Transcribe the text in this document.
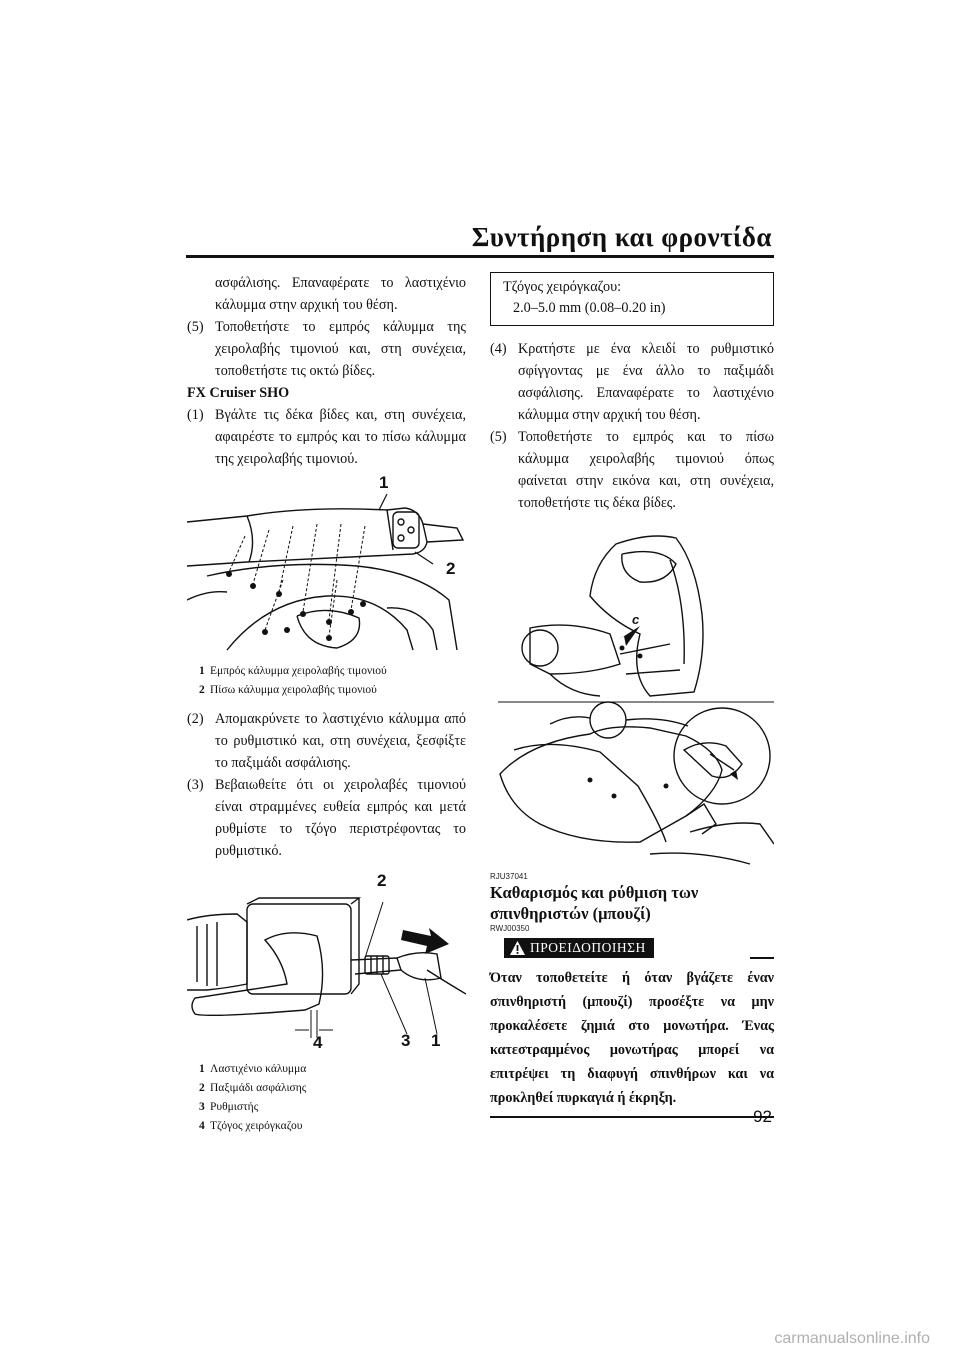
Συντήρηση και φροντίδα
ασφάλισης. Επαναφέρατε το λαστιχένιο κάλυμμα στην αρχική του θέση.
(5) Τοποθετήστε το εμπρός κάλυμμα της χειρολαβής τιμονιού και, στη συνέχεια, τοποθετήστε τις οκτώ βίδες.
FX Cruiser SHO
(1) Βγάλτε τις δέκα βίδες και, στη συνέχεια, αφαιρέστε το εμπρός και το πίσω κάλυμμα της χειρολαβής τιμονιού.
1
2
1 Εμπρός κάλυμμα χειρολαβής τιμονιού
2 Πίσω κάλυμμα χειρολαβής τιμονιού
(2) Απομακρύνετε το λαστιχένιο κάλυμμα από το ρυθμιστικό και, στη συνέχεια, ξεσφίξτε το παξιμάδι ασφάλισης.
(3) Βεβαιωθείτε ότι οι χειρολαβές τιμονιού είναι στραμμένες ευθεία εμπρός και μετά ρυθμίστε το τζόγο περιστρέφοντας το ρυθμιστικό.
2
4	3 1
1 Λαστιχένιο κάλυμμα
2 Παξιμάδι ασφάλισης
3 Ρυθμιστής
4 Τζόγος χειρόγκαζου
Τζόγος χειρόγκαζου:
2.0–5.0 mm (0.08–0.20 in)
(4) Κρατήστε με ένα κλειδί το ρυθμιστικό σφίγγοντας με ένα άλλο το παξιμάδι ασφάλισης. Επαναφέρατε το λαστιχένιο κάλυμμα στην αρχική του θέση.
(5) Τοποθετήστε το εμπρός και το πίσω κάλυμμα χειρολαβής τιμονιού όπως φαίνεται στην εικόνα και, στη συνέχεια, τοποθετήστε τις δέκα βίδες.
c
RJU37041
Καθαρισμός και ρύθμιση των σπινθηριστών (μπουζί)
RWJ00350
ΠΡΟΕΙΔΟΠΟΙΗΣΗ
Όταν τοποθετείτε ή όταν βγάζετε έναν σπινθηριστή (μπουζί) προσέξτε να μην προκαλέσετε ζημιά στο μονωτήρα. Ένας κατεστραμμένος μονωτήρας μπορεί να επιτρέψει τη διαφυγή σπινθήρων και να προκληθεί πυρκαγιά ή έκρηξη.
92
carmanualsonline.info
